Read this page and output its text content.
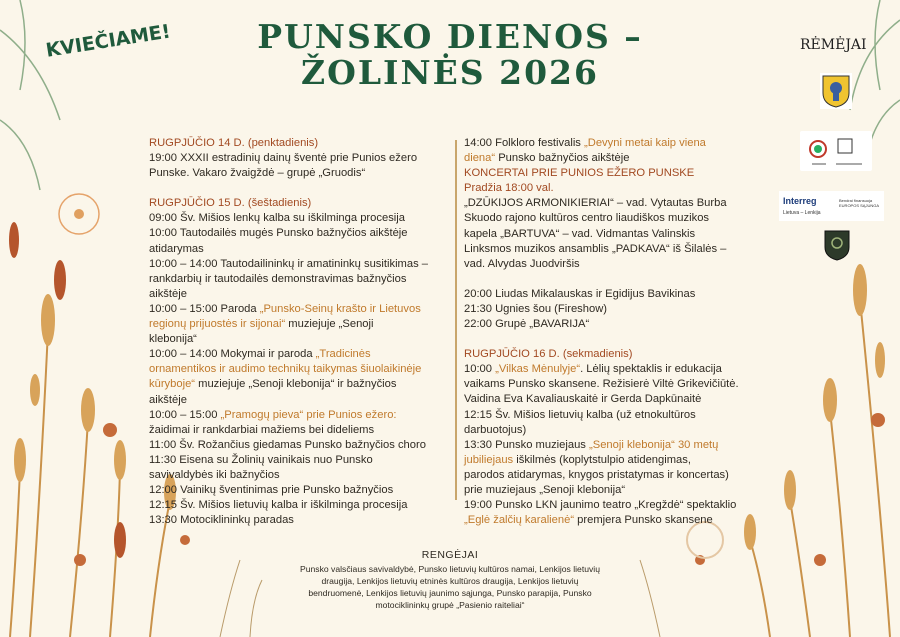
PUNSKO DIENOS –
ŽOLINĖS 2026
KVIEČIAME!	RĖMĖJAI
Interreg
Lietuva – Lenkija
Bendrai finansuoja EUROPOS SĄJUNGA
RUGPJŪČIO 14 D. (penktadienis)
19:00 XXXII estradinių dainų šventė prie Punios ežero
Punske. Vakaro žvaigždė – grupė „Gruodis“
RUGPJŪČIO 15 D. (šeštadienis)
09:00 Šv. Mišios lenkų kalba su iškilminga procesija
10:00 Tautodailės mugės Punsko bažnyčios aikštėje
atidarymas
10:00 – 14:00 Tautodailininkų ir amatininkų susitikimas –
rankdarbių ir tautodailės demonstravimas bažnyčios
aikštėje
10:00 – 15:00 Paroda „Punsko-Seinų krašto ir Lietuvos
regionų prijuostės ir sijonai“ muziejuje „Senoji
klebonija“
10:00 – 14:00 Mokymai ir paroda „Tradicinės
ornamentikos ir audimo technikų taikymas šiuolaikinėje
kūryboje“ muziejuje „Senoji klebonija“ ir bažnyčios
aikštėje
10:00 – 15:00 „Pramogų pieva“ prie Punios ežero:
žaidimai ir rankdarbiai mažiems bei dideliems
11:00 Šv. Rožančius giedamas Punsko bažnyčios choro
11:30 Eisena su Žolinių vainikais nuo Punsko
savivaldybės iki bažnyčios
12:00 Vainikų šventinimas prie Punsko bažnyčios
12:15 Šv. Mišios lietuvių kalba ir iškilminga procesija
13:30 Motociklininkų paradas
14:00 Folkloro festivalis „Devyni metai kaip viena
diena“ Punsko bažnyčios aikštėje
KONCERTAI PRIE PUNIOS EŽERO PUNSKE
Pradžia 18:00 val.
„DZŪKIJOS ARMONIKIERIAI“ – vad. Vytautas Burba
Skuodo rajono kultūros centro liaudiškos muzikos
kapela „BARTUVA“ – vad. Vidmantas Valinskis
Linksmos muzikos ansamblis „PADKAVA“ iš Šilalės –
vad. Alvydas Juodviršis
20:00 Liudas Mikalauskas ir Egidijus Bavikinas
21:30 Ugnies šou (Fireshow)
22:00 Grupė „BAVARIJA“
RUGPJŪČIO 16 D. (sekmadienis)
10:00 „Vilkas Mėnulyje“. Lėlių spektaklis ir edukacija
vaikams Punsko skansene. Režisierė Viltė Grikevičiūtė.
Vaidina Eva Kavaliauskaitė ir Gerda Dapkūnaitė
12:15 Šv. Mišios lietuvių kalba (už etnokultūros
darbuotojus)
13:30 Punsko muziejaus „Senoji klebonija“ 30 metų
jubiliejaus iškilmės (koplytstulpio atidengimas,
parodos atidarymas, knygos pristatymas ir koncertas)
prie muziejaus „Senoji klebonija“
19:00 Punsko LKN jaunimo teatro „Kregždė“ spektaklio
„Eglė žalčių karalienė“ premjera Punsko skansene
RENGĖJAI
Punsko valsčiaus savivaldybė, Punsko lietuvių kultūros namai, Lenkijos lietuvių
draugija, Lenkijos lietuvių etninės kultūros draugija, Lenkijos lietuvių
bendruomenė, Lenkijos lietuvių jaunimo sąjunga, Punsko parapija, Punsko
motociklininkų grupė „Pasienio raiteliai“
